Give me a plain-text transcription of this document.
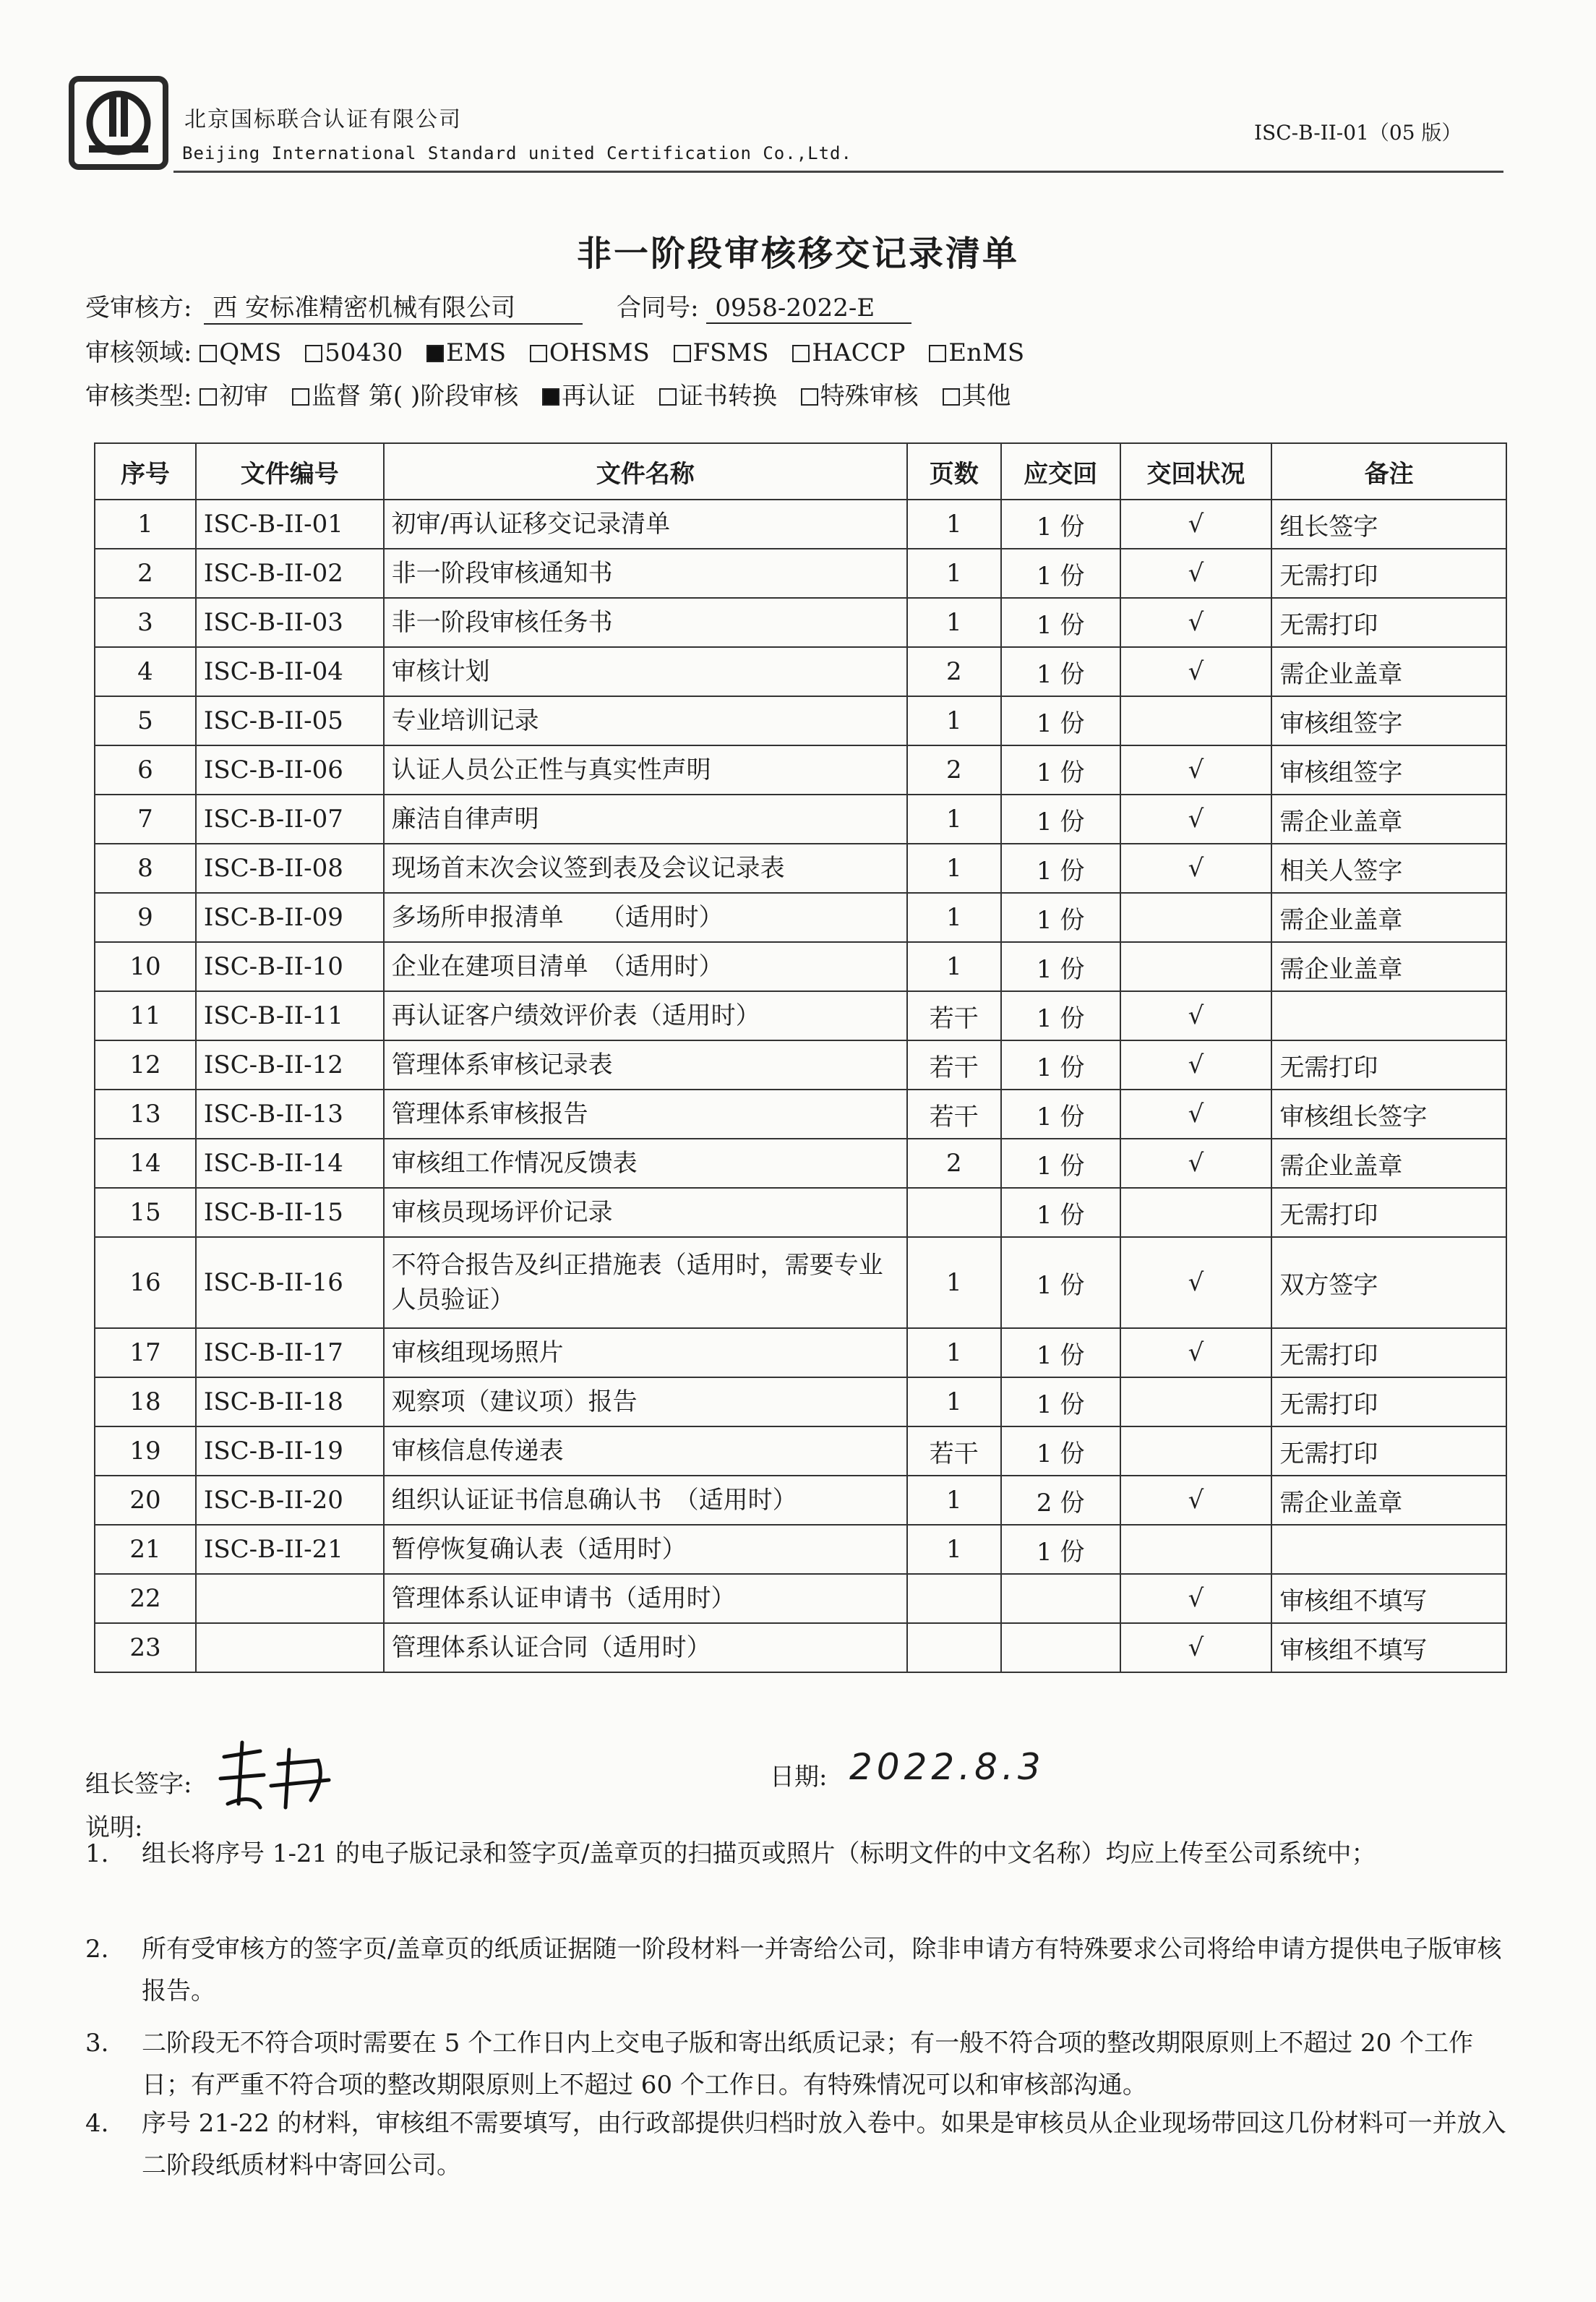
北京国标联合认证有限公司
Beijing International Standard united Certification Co.,Ltd.
ISC-B-II-01（05 版）
非一阶段审核移交记录清单
受审核方: 西 安标准精密机械有限公司	合同号: 0958-2022-E
审核领域: QMS 50430 EMS OHSMS FSMS HACCP EnMS
审核类型: 初审 监督 第( )阶段审核 再认证 证书转换 特殊审核 其他
序号	文件编号	文件名称	页数	应交回	交回状况	备注
1	ISC-B-II-01	初审/再认证移交记录清单	1	1 份	√	组长签字
2	ISC-B-II-02	非一阶段审核通知书	1	1 份	√	无需打印
3	ISC-B-II-03	非一阶段审核任务书	1	1 份	√	无需打印
4	ISC-B-II-04	审核计划	2	1 份	√	需企业盖章
5	ISC-B-II-05	专业培训记录	1	1 份		审核组签字
6	ISC-B-II-06	认证人员公正性与真实性声明	2	1 份	√	审核组签字
7	ISC-B-II-07	廉洁自律声明	1	1 份	√	需企业盖章
8	ISC-B-II-08	现场首末次会议签到表及会议记录表	1	1 份	√	相关人签字
9	ISC-B-II-09	多场所申报清单　　（适用时）	1	1 份		需企业盖章
10	ISC-B-II-10	企业在建项目清单　（适用时）	1	1 份		需企业盖章
11	ISC-B-II-11	再认证客户绩效评价表（适用时）	若干	1 份	√	
12	ISC-B-II-12	管理体系审核记录表	若干	1 份	√	无需打印
13	ISC-B-II-13	管理体系审核报告	若干	1 份	√	审核组长签字
14	ISC-B-II-14	审核组工作情况反馈表	2	1 份	√	需企业盖章
15	ISC-B-II-15	审核员现场评价记录		1 份		无需打印
16	ISC-B-II-16	不符合报告及纠正措施表（适用时，需要专业人员验证）	1	1 份	√	双方签字
17	ISC-B-II-17	审核组现场照片	1	1 份	√	无需打印
18	ISC-B-II-18	观察项（建议项）报告	1	1 份		无需打印
19	ISC-B-II-19	审核信息传递表	若干	1 份		无需打印
20	ISC-B-II-20	组织认证证书信息确认书　（适用时）	1	2 份	√	需企业盖章
21	ISC-B-II-21	暂停恢复确认表（适用时）	1	1 份		
22		管理体系认证申请书（适用时）			√	审核组不填写
23		管理体系认证合同（适用时）			√	审核组不填写
组长签字:	日期: 2022.8.3
说明:
1. 组长将序号 1-21 的电子版记录和签字页/盖章页的扫描页或照片（标明文件的中文名称）均应上传至公司系统中；
2. 所有受审核方的签字页/盖章页的纸质证据随一阶段材料一并寄给公司，除非申请方有特殊要求公司将给申请方提供电子版审核报告。
3. 二阶段无不符合项时需要在 5 个工作日内上交电子版和寄出纸质记录；有一般不符合项的整改期限原则上不超过 20 个工作日；有严重不符合项的整改期限原则上不超过 60 个工作日。有特殊情况可以和审核部沟通。
4. 序号 21-22 的材料，审核组不需要填写，由行政部提供归档时放入卷中。如果是审核员从企业现场带回这几份材料可一并放入二阶段纸质材料中寄回公司。
